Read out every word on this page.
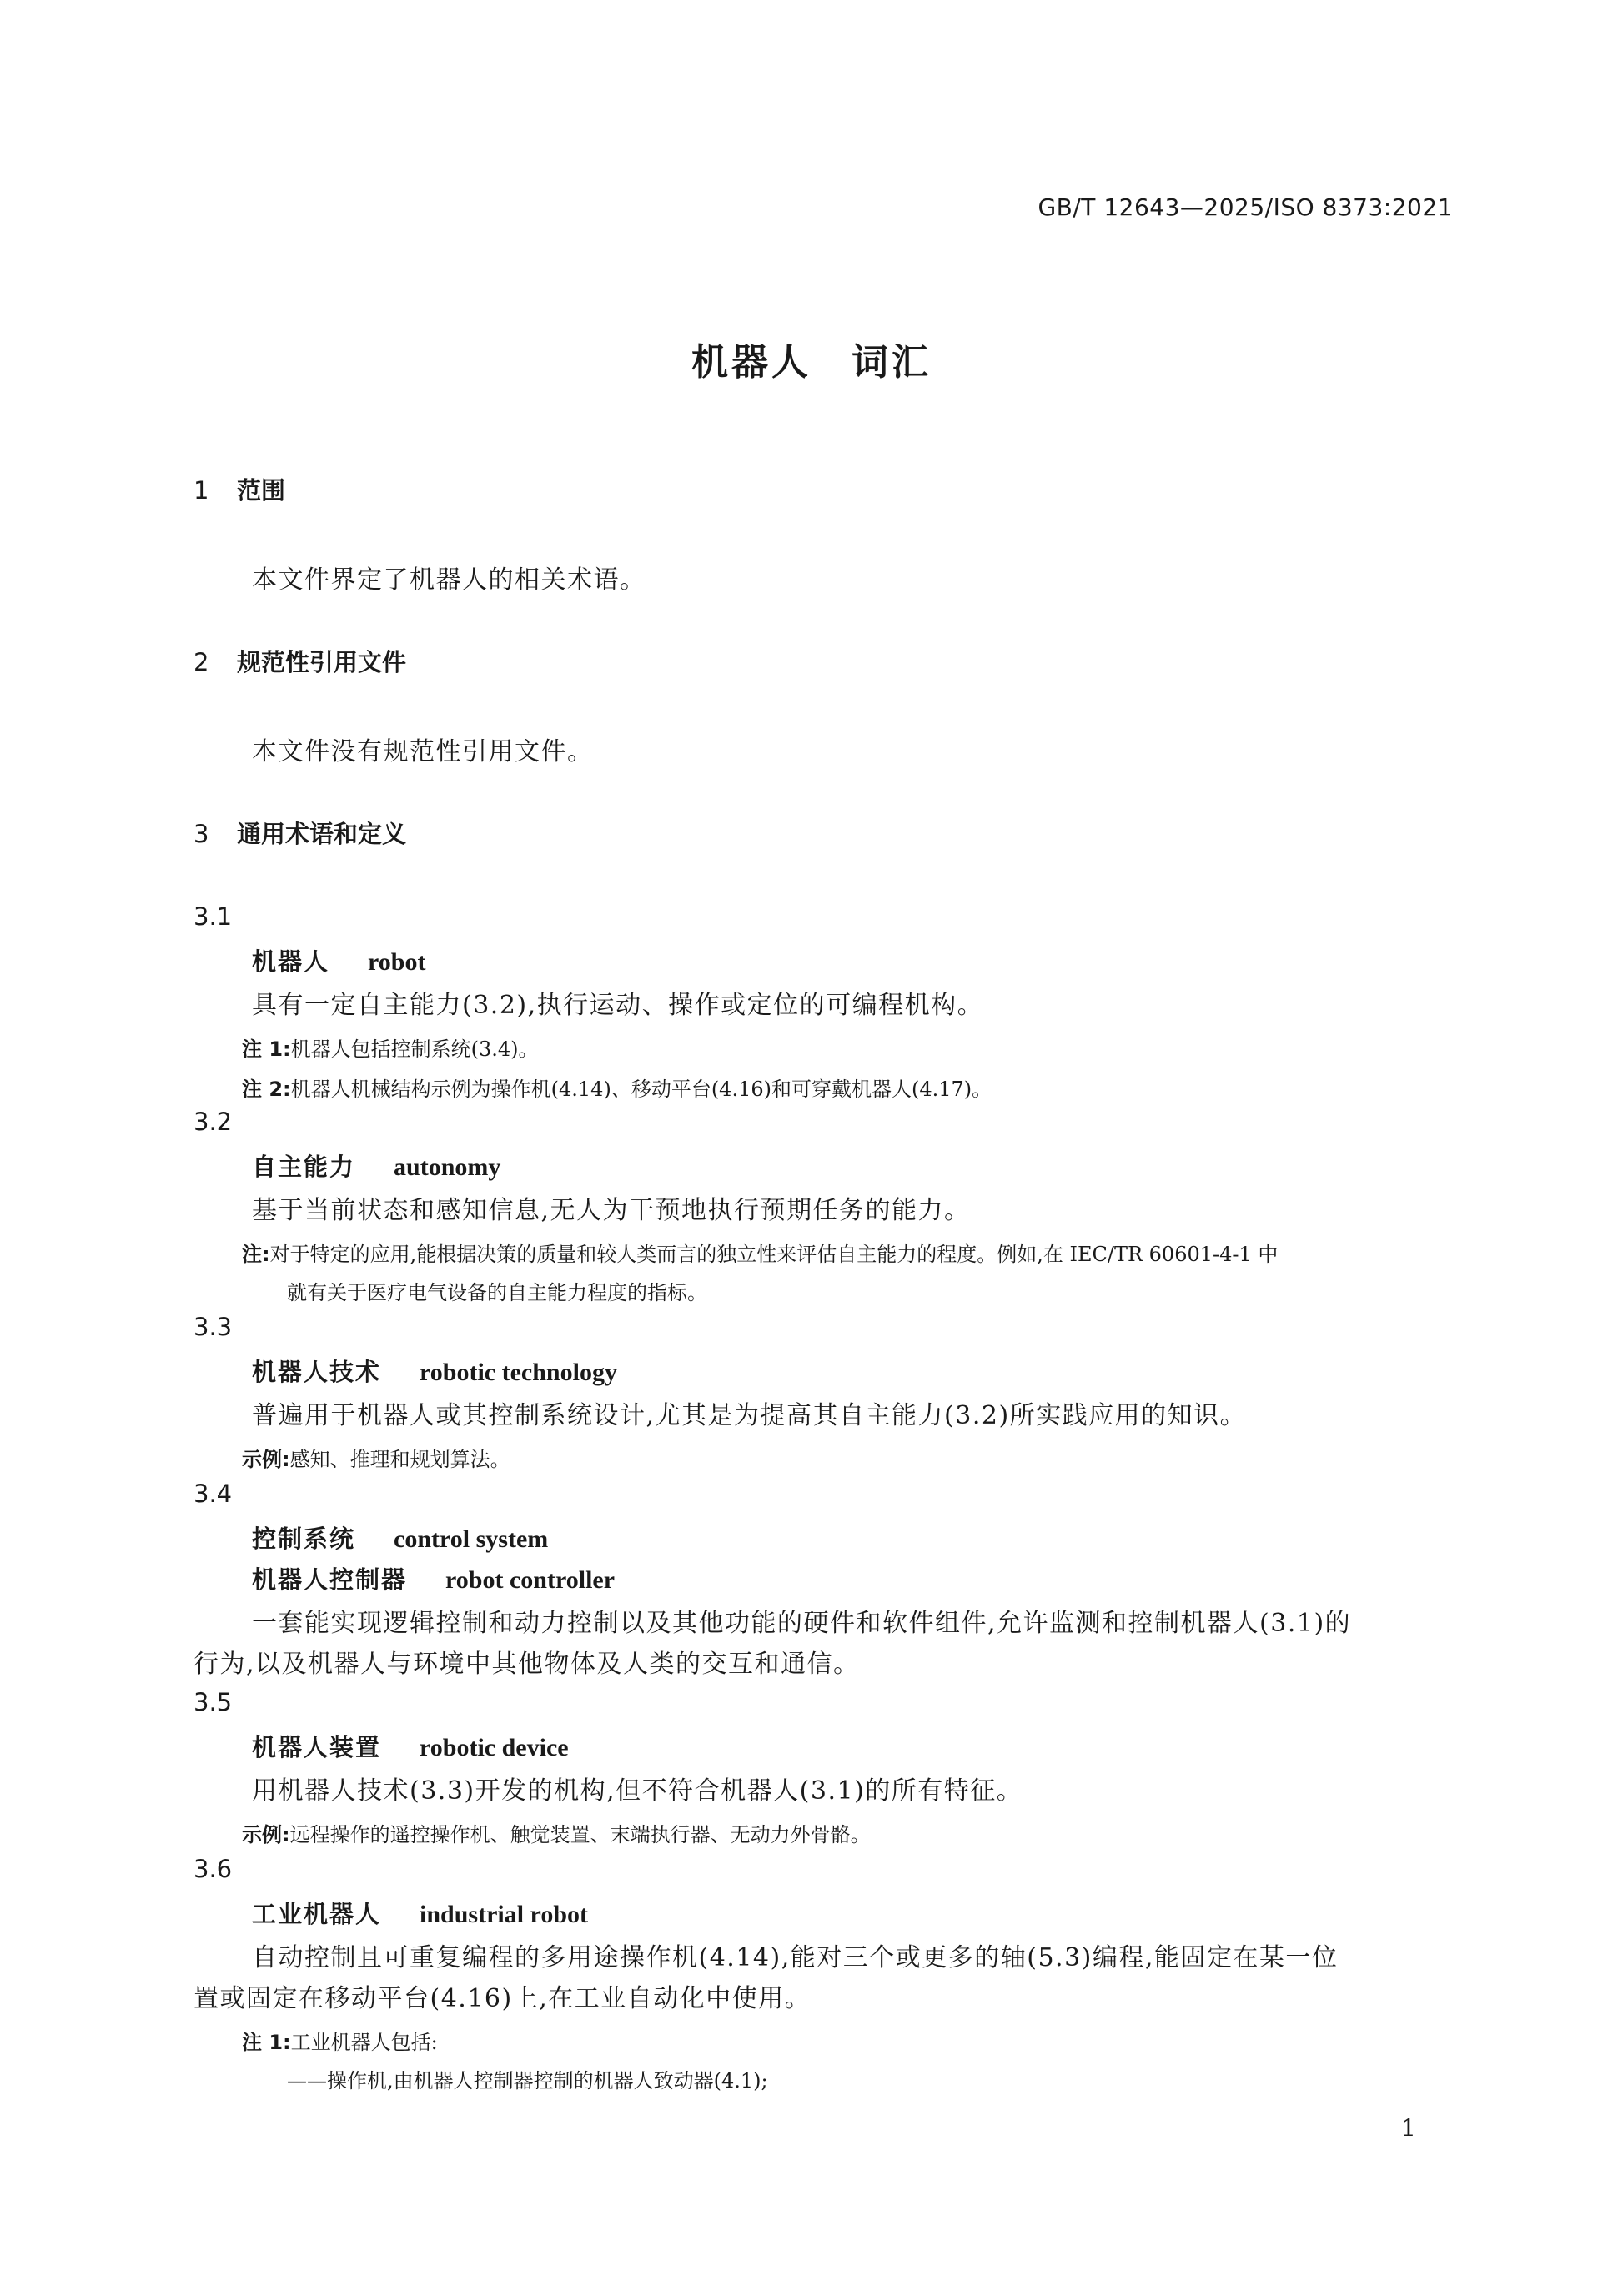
GB/T 12643—2025/ISO 8373:2021
机器人　词汇
1 范围
本文件界定了机器人的相关术语。
2 规范性引用文件
本文件没有规范性引用文件。
3 通用术语和定义
3.1
机器人 robot
具有一定自主能力(3.2),执行运动、操作或定位的可编程机构。
注 1:机器人包括控制系统(3.4)。
注 2:机器人机械结构示例为操作机(4.14)、移动平台(4.16)和可穿戴机器人(4.17)。
3.2
自主能力 autonomy
基于当前状态和感知信息,无人为干预地执行预期任务的能力。
注:对于特定的应用,能根据决策的质量和较人类而言的独立性来评估自主能力的程度。例如,在 IEC/TR 60601-4-1 中
就有关于医疗电气设备的自主能力程度的指标。
3.3
机器人技术 robotic technology
普遍用于机器人或其控制系统设计,尤其是为提高其自主能力(3.2)所实践应用的知识。
示例:感知、推理和规划算法。
3.4
控制系统 control system
机器人控制器 robot controller
一套能实现逻辑控制和动力控制以及其他功能的硬件和软件组件,允许监测和控制机器人(3.1)的
行为,以及机器人与环境中其他物体及人类的交互和通信。
3.5
机器人装置 robotic device
用机器人技术(3.3)开发的机构,但不符合机器人(3.1)的所有特征。
示例:远程操作的遥控操作机、触觉装置、末端执行器、无动力外骨骼。
3.6
工业机器人 industrial robot
自动控制且可重复编程的多用途操作机(4.14),能对三个或更多的轴(5.3)编程,能固定在某一位
置或固定在移动平台(4.16)上,在工业自动化中使用。
注 1:工业机器人包括:
——操作机,由机器人控制器控制的机器人致动器(4.1);
1
